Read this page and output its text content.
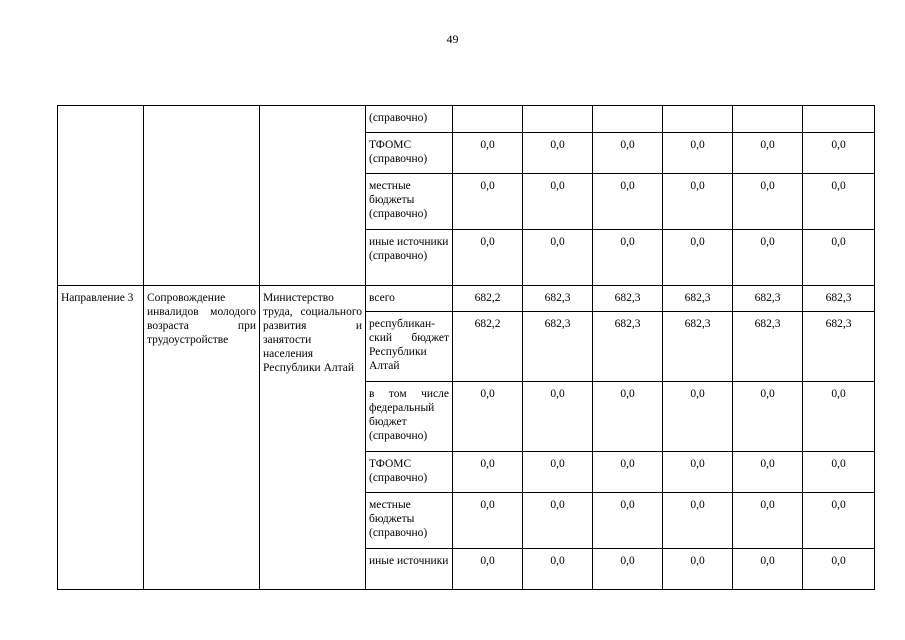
49
			(справочно)						
			ТФОМС (справочно)	0,0	0,0	0,0	0,0	0,0	0,0
			местные бюджеты (справочно)	0,0	0,0	0,0	0,0	0,0	0,0
			иные источники (справочно)	0,0	0,0	0,0	0,0	0,0	0,0
Направление 3	Сопровождение инвалидов молодого возраста при трудоустройстве	Министерство труда, социального развития и занятости населения Республики Алтай	всего	682,2	682,3	682,3	682,3	682,3	682,3
			республикан-ский бюджет Республики Алтай	682,2	682,3	682,3	682,3	682,3	682,3
			в том числе федеральный бюджет (справочно)	0,0	0,0	0,0	0,0	0,0	0,0
			ТФОМС (справочно)	0,0	0,0	0,0	0,0	0,0	0,0
			местные бюджеты (справочно)	0,0	0,0	0,0	0,0	0,0	0,0
			иные источники	0,0	0,0	0,0	0,0	0,0	0,0
